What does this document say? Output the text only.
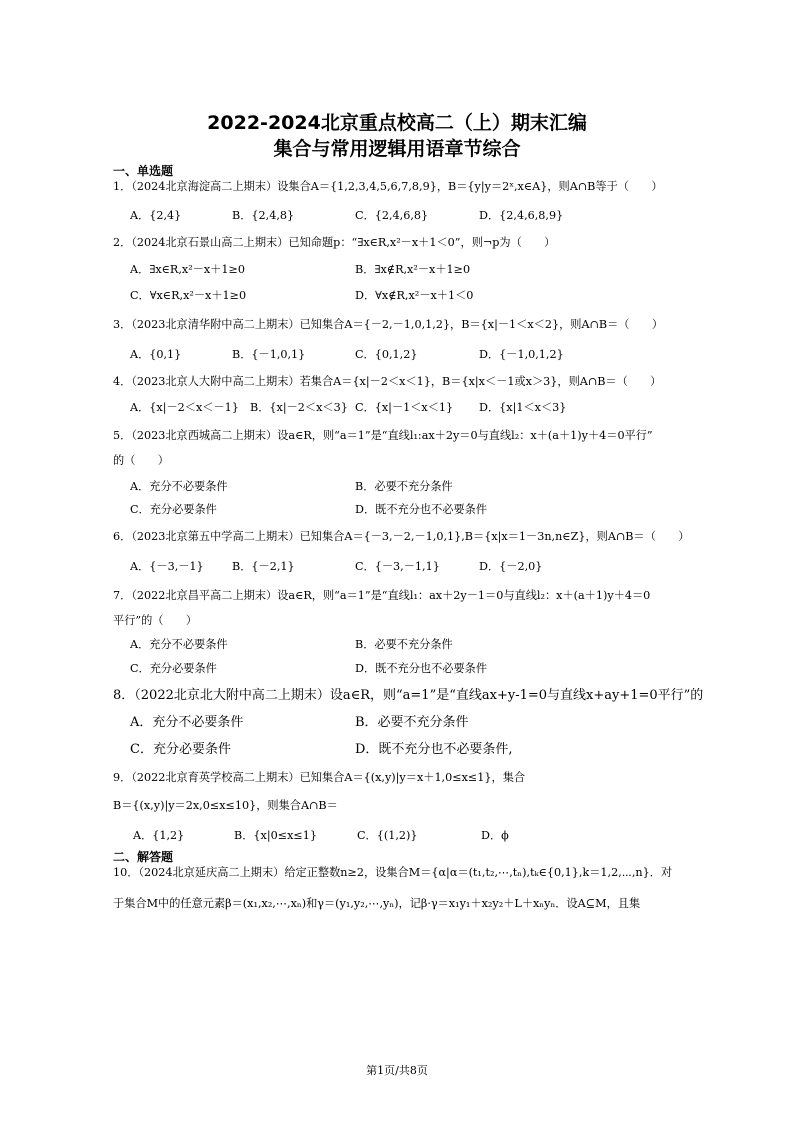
2022-2024北京重点校高二（上）期末汇编
集合与常用逻辑用语章节综合
一、单选题
1．（2024北京海淀高二上期末）设集合A＝{1,2,3,4,5,6,7,8,9}，B＝{y|y＝2ˣ,x∈A}，则A∩B等于（　　）
A．{2,4}	B．{2,4,8}	C．{2,4,6,8}	D．{2,4,6,8,9}
2．（2024北京石景山高二上期末）已知命题p：“∃x∈R,x²－x＋1＜0”，则¬p为（　　）
A．∃x∈R,x²－x＋1≥0	B．∃x∉R,x²－x＋1≥0
C．∀x∈R,x²－x＋1≥0	D．∀x∉R,x²－x＋1＜0
3．（2023北京清华附中高二上期末）已知集合A＝{－2,－1,0,1,2}，B＝{x|－1＜x＜2}，则A∩B＝（　　）
A．{0,1}	B．{－1,0,1}	C．{0,1,2}	D．{－1,0,1,2}
4．（2023北京人大附中高二上期末）若集合A＝{x|－2＜x＜1}，B＝{x|x＜－1或x＞3}，则A∩B＝（　　）
A．{x|－2＜x＜－1} B．{x|－2＜x＜3} C．{x|－1＜x＜1} D．{x|1＜x＜3}
5．（2023北京西城高二上期末）设a∈R，则“a＝1”是“直线l₁:ax＋2y＝0与直线l₂：x＋(a＋1)y＋4＝0平行”
的（　　）
A．充分不必要条件	B．必要不充分条件
C．充分必要条件	D．既不充分也不必要条件
6．（2023北京第五中学高二上期末）已知集合A＝{－3,－2,－1,0,1},B＝{x|x＝1－3n,n∈Z}，则A∩B＝（　　）
A．{－3,－1}	B．{－2,1}	C．{－3,－1,1}	D．{－2,0}
7．（2022北京昌平高二上期末）设a∈R，则“a＝1”是“直线l₁：ax＋2y－1＝0与直线l₂：x＋(a＋1)y＋4＝0
平行”的（　　）
A．充分不必要条件	B．必要不充分条件
C．充分必要条件	D．既不充分也不必要条件
8．（2022北京北大附中高二上期末）设a∈R，则“a=1”是“直线ax+y-1=0与直线x+ay+1=0平行”的
A．充分不必要条件	B．必要不充分条件
C．充分必要条件	D．既不充分也不必要条件,
9．（2022北京育英学校高二上期末）已知集合A＝{(x,y)|y＝x＋1,0≤x≤1}，集合
B＝{(x,y)|y＝2x,0≤x≤10}，则集合A∩B＝
A．{1,2}	B．{x|0≤x≤1}	C．{(1,2)}	D．ϕ
二、解答题
10．（2024北京延庆高二上期末）给定正整数n≥2，设集合M＝{α|α＝(t₁,t₂,⋯,tₙ),tₖ∈{0,1},k＝1,2,⋯,n}．对
于集合M中的任意元素β＝(x₁,x₂,⋯,xₙ)和γ＝(y₁,y₂,⋯,yₙ)，记β·γ＝x₁y₁＋x₂y₂＋L＋xₙyₙ．设A⊆M，且集
第1页/共8页
